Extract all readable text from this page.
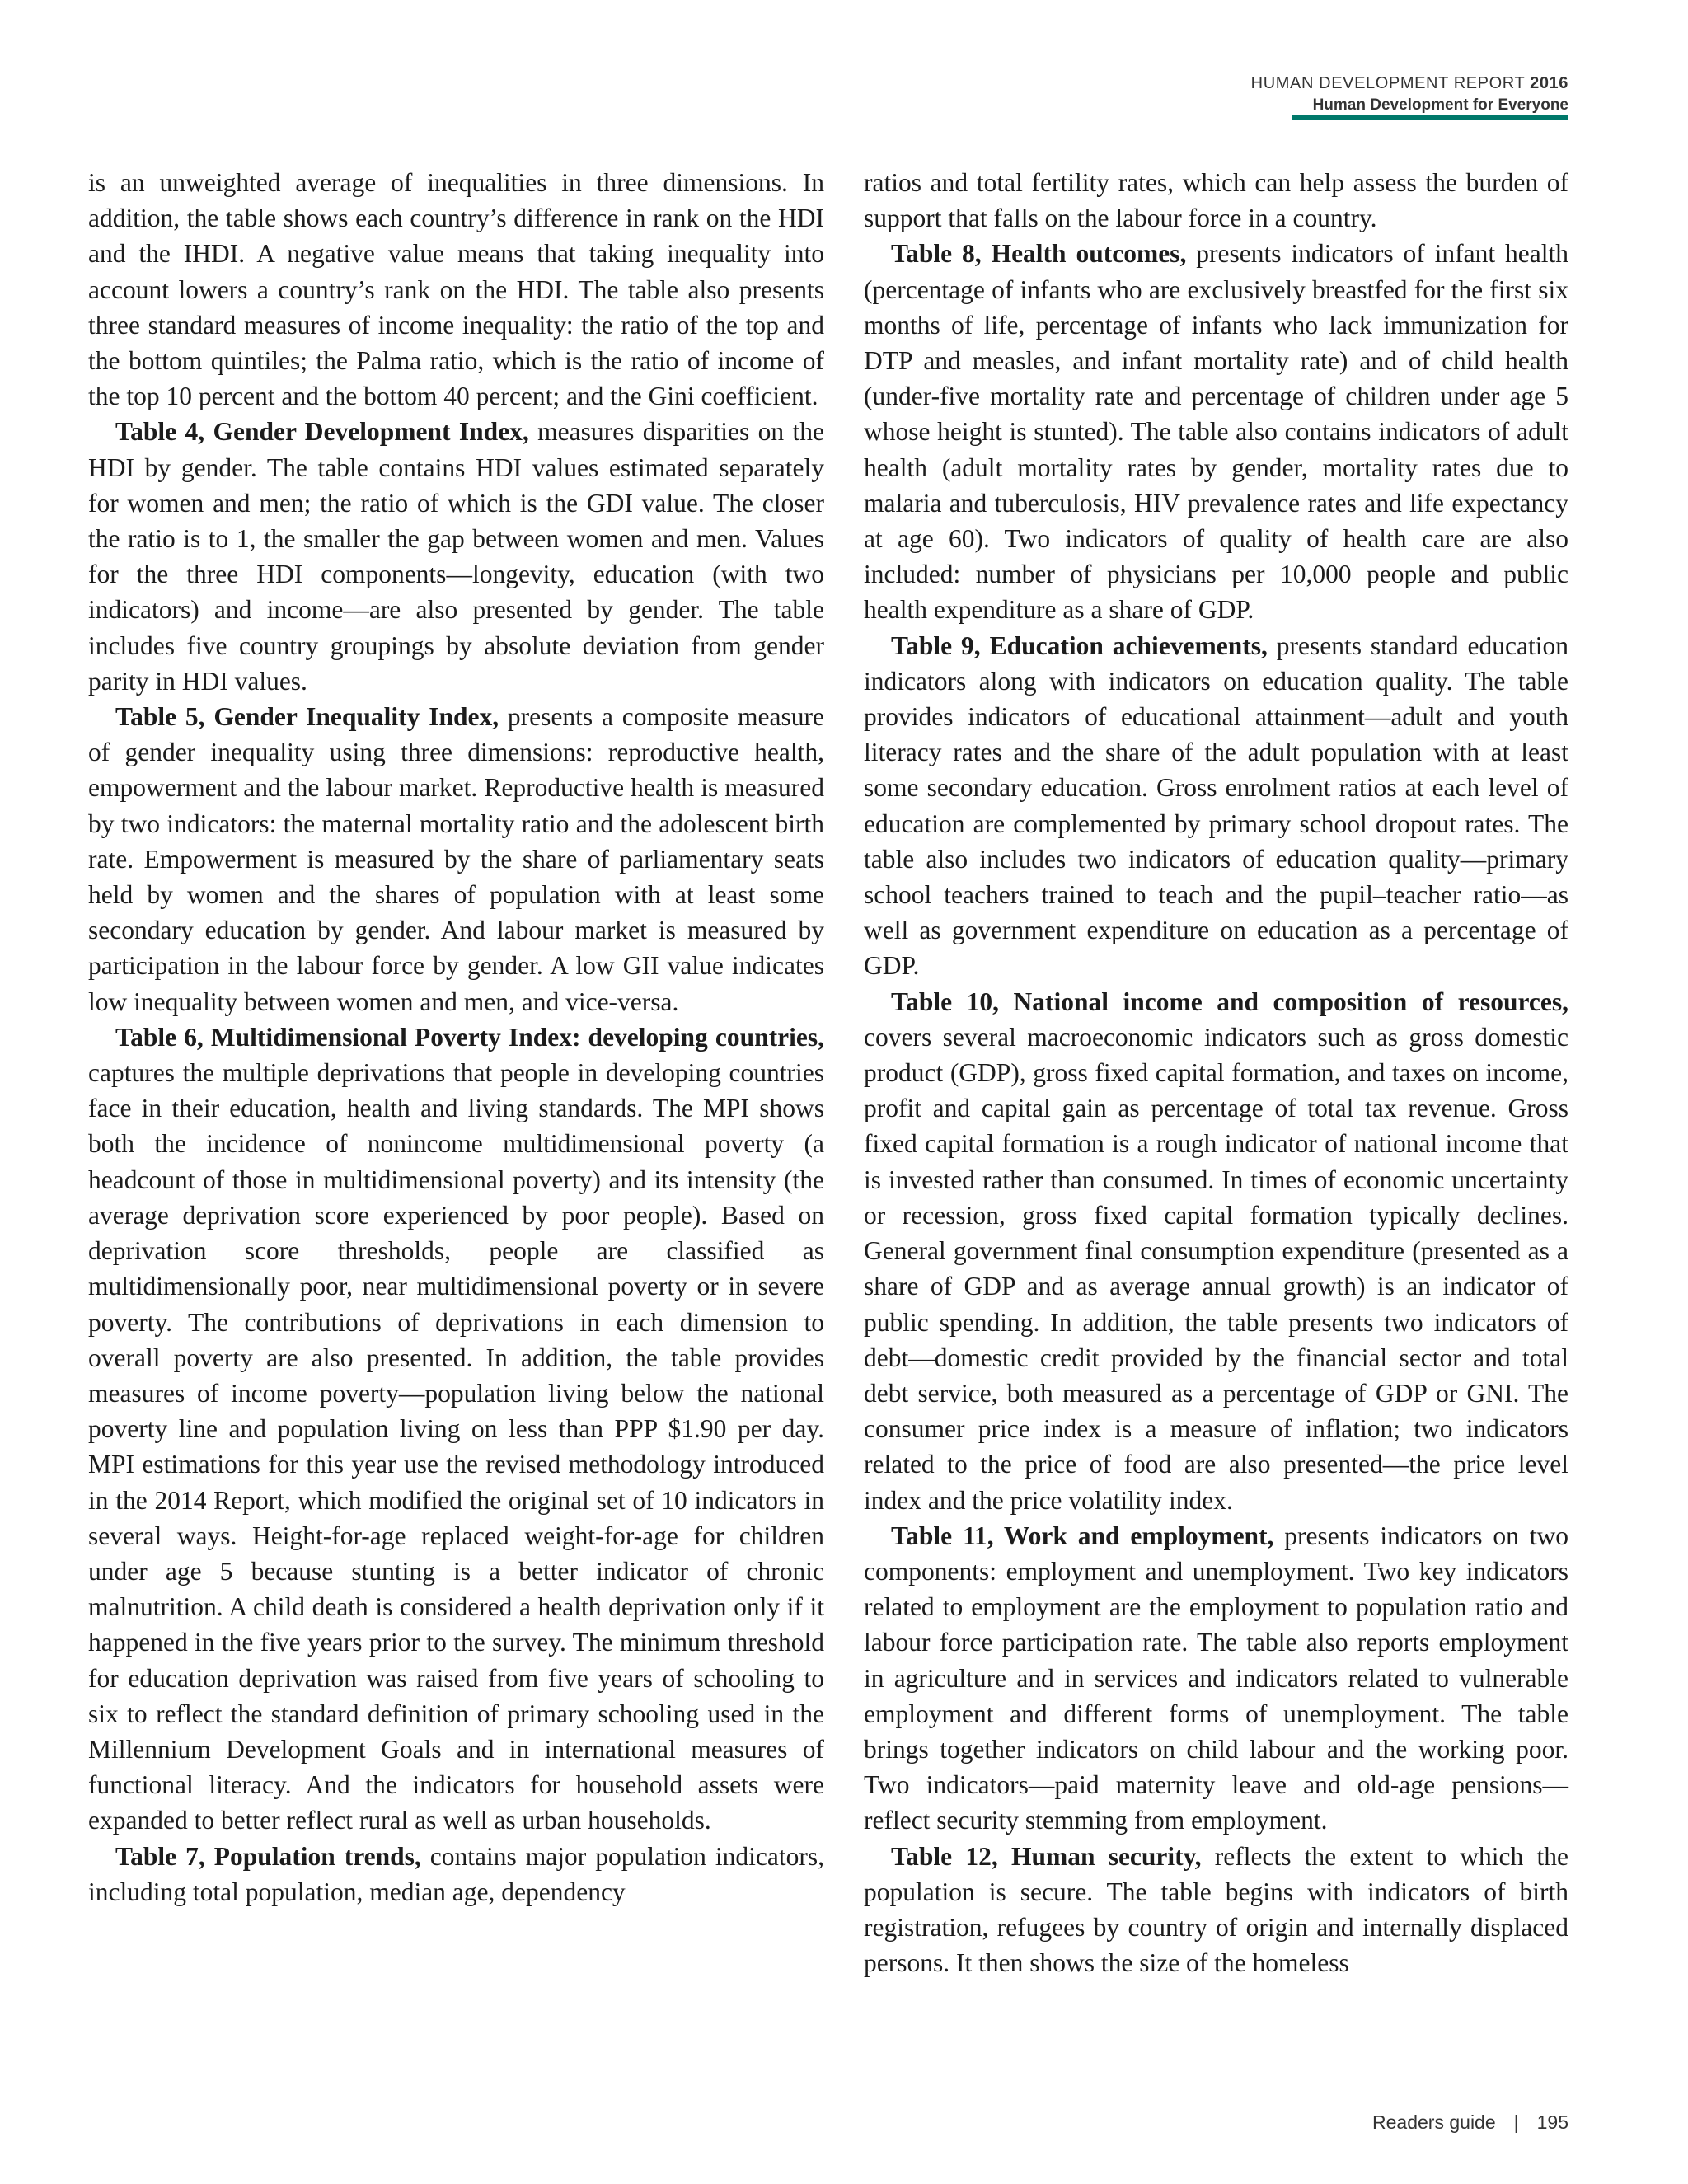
HUMAN DEVELOPMENT REPORT 2016
Human Development for Everyone

is an unweighted average of inequalities in three dimensions. In addition, the table shows each country’s difference in rank on the HDI and the IHDI. A negative value means that taking inequality into account lowers a country’s rank on the HDI. The table also presents three standard measures of income inequality: the ratio of the top and the bottom quintiles; the Palma ratio, which is the ratio of income of the top 10 percent and the bottom 40 percent; and the Gini coefficient.

Table 4, Gender Development Index, measures disparities on the HDI by gender. The table contains HDI values estimated separately for women and men; the ratio of which is the GDI value. The closer the ratio is to 1, the smaller the gap between women and men. Values for the three HDI components—longevity, education (with two indicators) and income—are also presented by gender. The table includes five country groupings by absolute deviation from gender parity in HDI values.

Table 5, Gender Inequality Index, presents a composite measure of gender inequality using three dimensions: reproductive health, empowerment and the labour market. Reproductive health is measured by two indicators: the maternal mortality ratio and the adolescent birth rate. Empowerment is measured by the share of parliamentary seats held by women and the shares of population with at least some secondary education by gender. And labour market is measured by participation in the labour force by gender. A low GII value indicates low inequality between women and men, and vice-versa.

Table 6, Multidimensional Poverty Index: developing countries, captures the multiple deprivations that people in developing countries face in their education, health and living standards. The MPI shows both the incidence of nonincome multidimensional poverty (a headcount of those in multidimensional poverty) and its intensity (the average deprivation score experienced by poor people). Based on deprivation score thresholds, people are classified as multidimensionally poor, near multidimensional poverty or in severe poverty. The contributions of deprivations in each dimension to overall poverty are also presented. In addition, the table provides measures of income poverty—population living below the national poverty line and population living on less than PPP $1.90 per day. MPI estimations for this year use the revised methodology introduced in the 2014 Report, which modified the original set of 10 indicators in several ways. Height-for-age replaced weight-for-age for children under age 5 because stunting is a better indicator of chronic malnutrition. A child death is considered a health deprivation only if it happened in the five years prior to the survey. The minimum threshold for education deprivation was raised from five years of schooling to six to reflect the standard definition of primary schooling used in the Millennium Development Goals and in international measures of functional literacy. And the indicators for household assets were expanded to better reflect rural as well as urban households.

Table 7, Population trends, contains major population indicators, including total population, median age, dependency

ratios and total fertility rates, which can help assess the burden of support that falls on the labour force in a country.

Table 8, Health outcomes, presents indicators of infant health (percentage of infants who are exclusively breastfed for the first six months of life, percentage of infants who lack immunization for DTP and measles, and infant mortality rate) and of child health (under-five mortality rate and percentage of children under age 5 whose height is stunted). The table also contains indicators of adult health (adult mortality rates by gender, mortality rates due to malaria and tuberculosis, HIV prevalence rates and life expectancy at age 60). Two indicators of quality of health care are also included: number of physicians per 10,000 people and public health expenditure as a share of GDP.

Table 9, Education achievements, presents standard education indicators along with indicators on education quality. The table provides indicators of educational attainment—adult and youth literacy rates and the share of the adult population with at least some secondary education. Gross enrolment ratios at each level of education are complemented by primary school dropout rates. The table also includes two indicators of education quality—primary school teachers trained to teach and the pupil–teacher ratio—as well as government expenditure on education as a percentage of GDP.

Table 10, National income and composition of resources, covers several macroeconomic indicators such as gross domestic product (GDP), gross fixed capital formation, and taxes on income, profit and capital gain as percentage of total tax revenue. Gross fixed capital formation is a rough indicator of national income that is invested rather than consumed. In times of economic uncertainty or recession, gross fixed capital formation typically declines. General government final consumption expenditure (presented as a share of GDP and as average annual growth) is an indicator of public spending. In addition, the table presents two indicators of debt—domestic credit provided by the financial sector and total debt service, both measured as a percentage of GDP or GNI. The consumer price index is a measure of inflation; two indicators related to the price of food are also presented—the price level index and the price volatility index.

Table 11, Work and employment, presents indicators on two components: employment and unemployment. Two key indicators related to employment are the employment to population ratio and labour force participation rate. The table also reports employment in agriculture and in services and indicators related to vulnerable employment and different forms of unemployment. The table brings together indicators on child labour and the working poor. Two indicators—paid maternity leave and old-age pensions—reflect security stemming from employment.

Table 12, Human security, reflects the extent to which the population is secure. The table begins with indicators of birth registration, refugees by country of origin and internally displaced persons. It then shows the size of the homeless

Readers guide | 195
